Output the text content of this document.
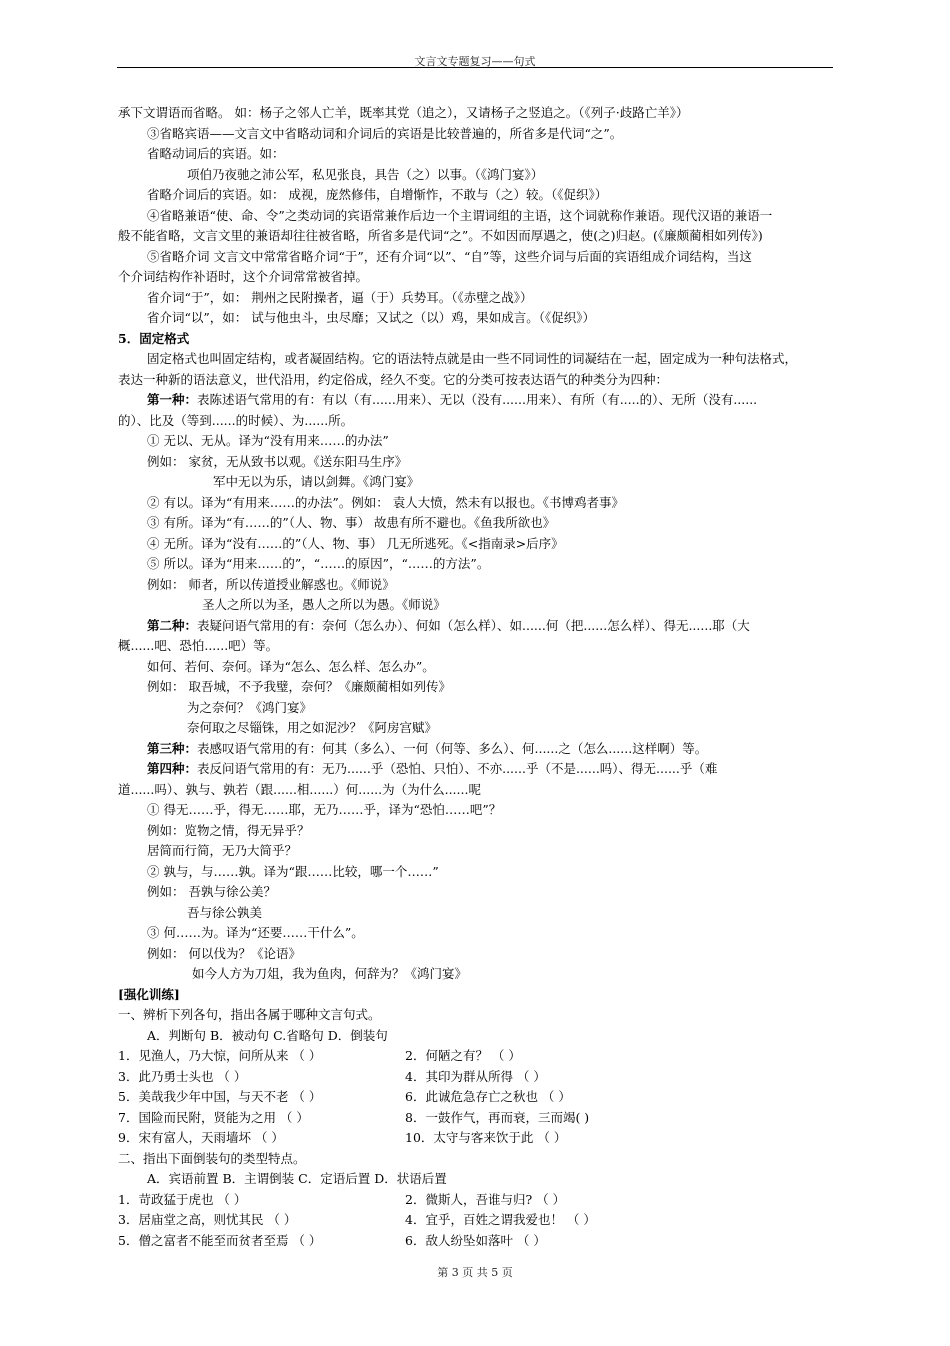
文言文专题复习——句式
承下文谓语而省略。 如：杨子之邻人亡羊，既率其党（追之），又请杨子之竖追之。（《列子·歧路亡羊》）
③省略宾语——文言文中省略动词和介词后的宾语是比较普遍的，所省多是代词“之”。
省略动词后的宾语。如：
项伯乃夜驰之沛公军，私见张良，具告（之）以事。（《鸿门宴》）
省略介词后的宾语。如： 成视，庞然修伟，自增惭怍，不敢与（之）较。（《促织》）
④省略兼语“使、命、令”之类动词的宾语常兼作后边一个主谓词组的主语，这个词就称作兼语。现代汉语的兼语一
般不能省略，文言文里的兼语却往往被省略，所省多是代词“之”。不如因而厚遇之，使(之)归赵。(《廉颇蔺相如列传》)
⑤省略介词 文言文中常常省略介词“于”，还有介词“以”、“自”等，这些介词与后面的宾语组成介词结构，当这
个介词结构作补语时，这个介词常常被省掉。
省介词“于”，如： 荆州之民附操者，逼（于）兵势耳。（《赤壁之战》）
省介词“以”，如： 试与他虫斗，虫尽靡；又试之（以）鸡，果如成言。（《促织》）
5．固定格式
固定格式也叫固定结构，或者凝固结构。它的语法特点就是由一些不同词性的词凝结在一起，固定成为一种句法格式，
表达一种新的语法意义，世代沿用，约定俗成，经久不变。它的分类可按表达语气的种类分为四种：
第一种：表陈述语气常用的有：有以（有......用来）、无以（没有......用来）、有所（有.....的）、无所（没有......
的）、比及（等到......的时候）、为......所。
① 无以、无从。译为“没有用来……的办法”
例如： 家贫，无从致书以观。《送东阳马生序》
军中无以为乐，请以剑舞。《鸿门宴》
② 有以。译为“有用来……的办法”。例如： 袁人大愤，然未有以报也。《书博鸡者事》
③ 有所。译为“有……的”（人、物、事） 故患有所不避也。《鱼我所欲也》
④ 无所。译为“没有……的”（人、物、事） 几无所逃死。《<指南录>后序》
⑤ 所以。译为“用来……的”，“……的原因”，“……的方法”。
例如： 师者，所以传道授业解惑也。《师说》
圣人之所以为圣，愚人之所以为愚。《师说》
第二种：表疑问语气常用的有：奈何（怎么办）、何如（怎么样）、如......何（把......怎么样）、得无......耶（大
概......吧、恐怕......吧）等。
如何、若何、奈何。译为“怎么、怎么样、怎么办”。
例如： 取吾城，不予我璧，奈何？《廉颇蔺相如列传》
为之奈何？《鸿门宴》
奈何取之尽锱铢，用之如泥沙？《阿房宫赋》
第三种：表感叹语气常用的有：何其（多么）、一何（何等、多么）、何......之（怎么......这样啊）等。
第四种：表反问语气常用的有：无乃......乎（恐怕、只怕）、不亦......乎（不是......吗）、得无......乎（难
道......吗）、孰与、孰若（跟......相......）何......为（为什么......呢
① 得无……乎，得无……耶，无乃……乎，译为“恐怕……吧”？
例如：览物之情，得无异乎？
居简而行简，无乃大简乎？
② 孰与，与……孰。译为“跟……比较，哪一个……”
例如： 吾孰与徐公美？
吾与徐公孰美
③ 何……为。译为“还要……干什么”。
例如： 何以伐为？《论语》
如今人方为刀俎，我为鱼肉，何辞为？《鸿门宴》
[强化训练]
一、辨析下列各句，指出各属于哪种文言句式。
A．判断句 B．被动句 C.省略句 D．倒装句
1．见渔人，乃大惊，问所从来 （ ）	2．何陋之有？ （ ）
3．此乃勇士头也 （ ）	4．其印为群从所得 （ ）
5．美哉我少年中国，与天不老 （ ）	6．此诚危急存亡之秋也 （ ）
7．国险而民附，贤能为之用 （ ）	8．一鼓作气，再而衰，三而竭( )
9．宋有富人，天雨墙坏 （ ）	10．太守与客来饮于此 （ ）
二、指出下面倒装句的类型特点。
A．宾语前置 B．主谓倒装 C．定语后置 D．状语后置
1．苛政猛于虎也 （ ）	2．微斯人，吾谁与归? （ ）
3．居庙堂之高，则忧其民 （ ）	4．宜乎，百姓之谓我爱也！ （ ）
5．僧之富者不能至而贫者至焉 （ ）	6．敌人纷坠如落叶 （ ）
第 3 页 共 5 页
